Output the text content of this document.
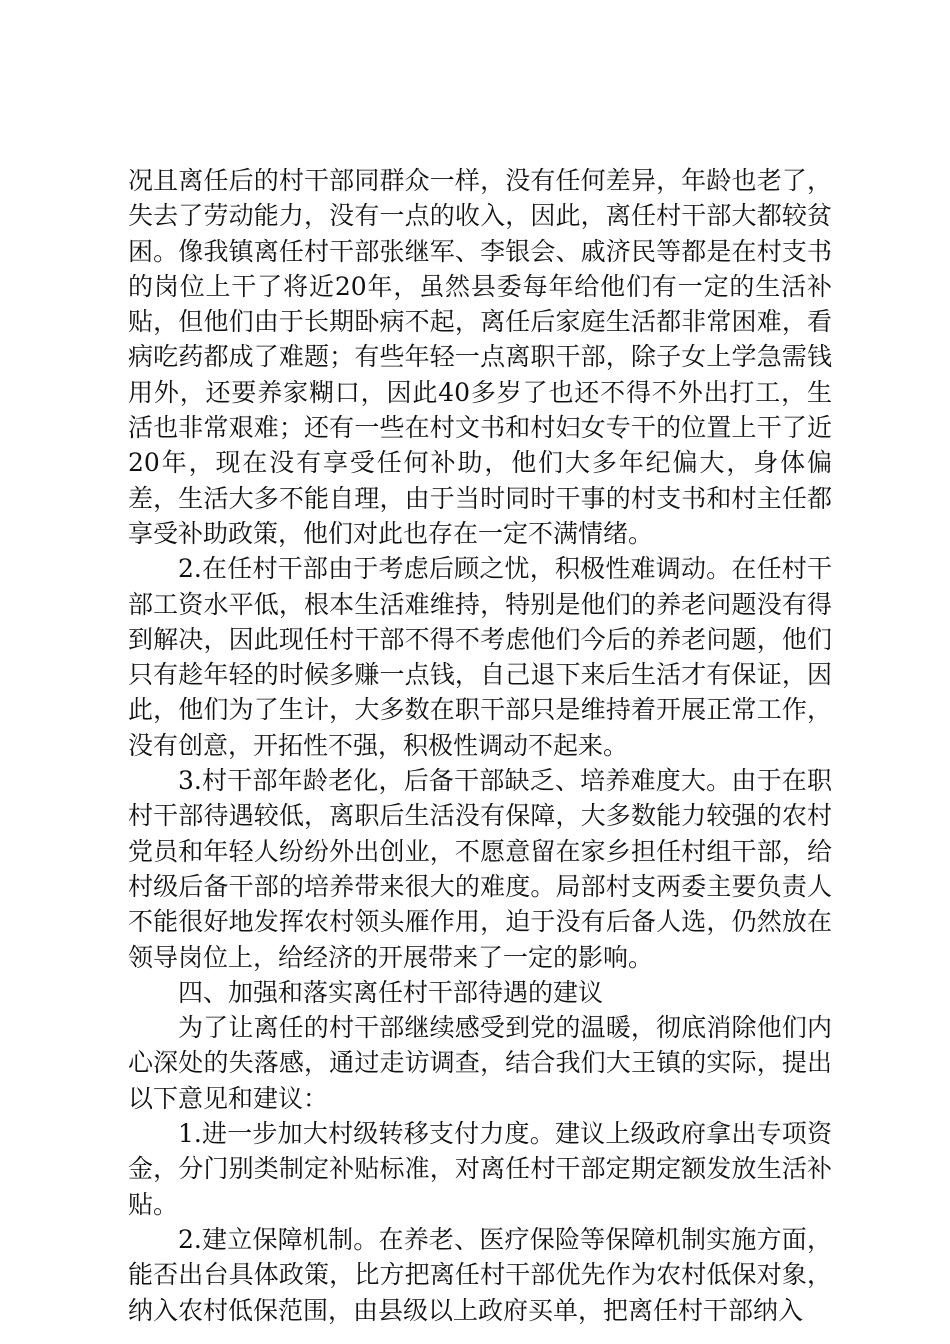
况且离任后的村干部同群众一样，没有任何差异，年龄也老了，失去了劳动能力，没有一点的收入，因此，离任村干部大都较贫困。像我镇离任村干部张继军、李银会、戚济民等都是在村支书的岗位上干了将近20年，虽然县委每年给他们有一定的生活补贴，但他们由于长期卧病不起，离任后家庭生活都非常困难，看病吃药都成了难题；有些年轻一点离职干部，除子女上学急需钱用外，还要养家糊口，因此40多岁了也还不得不外出打工，生活也非常艰难；还有一些在村文书和村妇女专干的位置上干了近20年，现在没有享受任何补助，他们大多年纪偏大，身体偏差，生活大多不能自理，由于当时同时干事的村支书和村主任都享受补助政策，他们对此也存在一定不满情绪。

2.在任村干部由于考虑后顾之忧，积极性难调动。在任村干部工资水平低，根本生活难维持，特别是他们的养老问题没有得到解决，因此现任村干部不得不考虑他们今后的养老问题，他们只有趁年轻的时候多赚一点钱，自己退下来后生活才有保证，因此，他们为了生计，大多数在职干部只是维持着开展正常工作，没有创意，开拓性不强，积极性调动不起来。

3.村干部年龄老化，后备干部缺乏、培养难度大。由于在职村干部待遇较低，离职后生活没有保障，大多数能力较强的农村党员和年轻人纷纷外出创业，不愿意留在家乡担任村组干部，给村级后备干部的培养带来很大的难度。局部村支两委主要负责人不能很好地发挥农村领头雁作用，迫于没有后备人选，仍然放在领导岗位上，给经济的开展带来了一定的影响。

四、加强和落实离任村干部待遇的建议

为了让离任的村干部继续感受到党的温暖，彻底消除他们内心深处的失落感，通过走访调查，结合我们大王镇的实际，提出以下意见和建议：

1.进一步加大村级转移支付力度。建议上级政府拿出专项资金，分门别类制定补贴标准，对离任村干部定期定额发放生活补贴。

2.建立保障机制。在养老、医疗保险等保障机制实施方面，能否出台具体政策，比方把离任村干部优先作为农村低保对象，纳入农村低保范围，由县级以上政府买单，把离任村干部纳入
